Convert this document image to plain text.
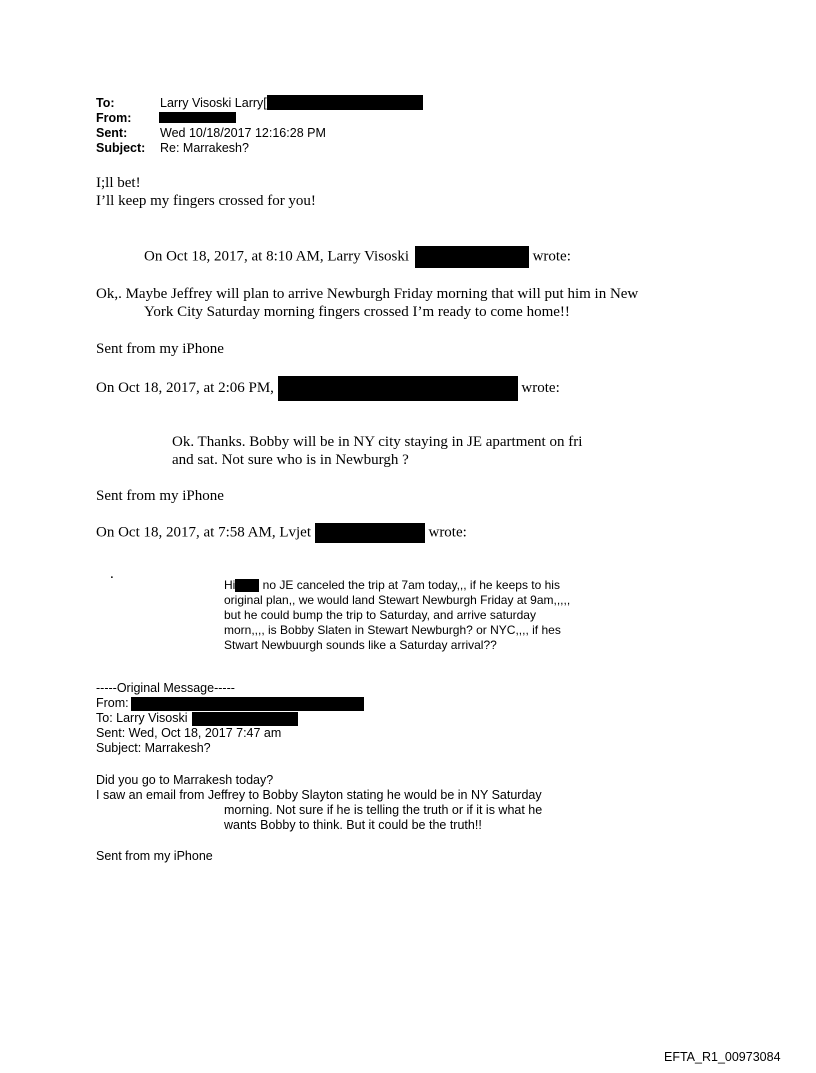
To:	Larry Visoski Larry[
From:
Sent:	Wed 10/18/2017 12:16:28 PM
Subject: Re: Marrakesh?
I;ll bet!
I’ll keep my fingers crossed for you!
On Oct 18, 2017, at 8:10 AM, Larry Visoski	wrote:
Ok,. Maybe Jeffrey will plan to arrive Newburgh Friday morning that will put him in New
York City Saturday morning fingers crossed I’m ready to come home!!
Sent from my iPhone
On Oct 18, 2017, at 2:06 PM,	wrote:
Ok. Thanks. Bobby will be in NY city staying in JE apartment on fri
and sat. Not sure who is in Newburgh ?
Sent from my iPhone
On Oct 18, 2017, at 7:58 AM, Lvjet	wrote:
.
Hi no JE canceled the trip at 7am today,,, if he keeps to his
original plan,, we would land Stewart Newburgh Friday at 9am,,,,,
but he could bump the trip to Saturday, and arrive saturday
morn,,,, is Bobby Slaten in Stewart Newburgh? or NYC,,,, if hes
Stwart Newbuurgh sounds like a Saturday arrival??
-----Original Message-----
From:
To: Larry Visoski
Sent: Wed, Oct 18, 2017 7:47 am
Subject: Marrakesh?
Did you go to Marrakesh today?
I saw an email from Jeffrey to Bobby Slayton stating he would be in NY Saturday
morning. Not sure if he is telling the truth or if it is what he
wants Bobby to think. But it could be the truth!!
Sent from my iPhone
EFTA_R1_00973084
